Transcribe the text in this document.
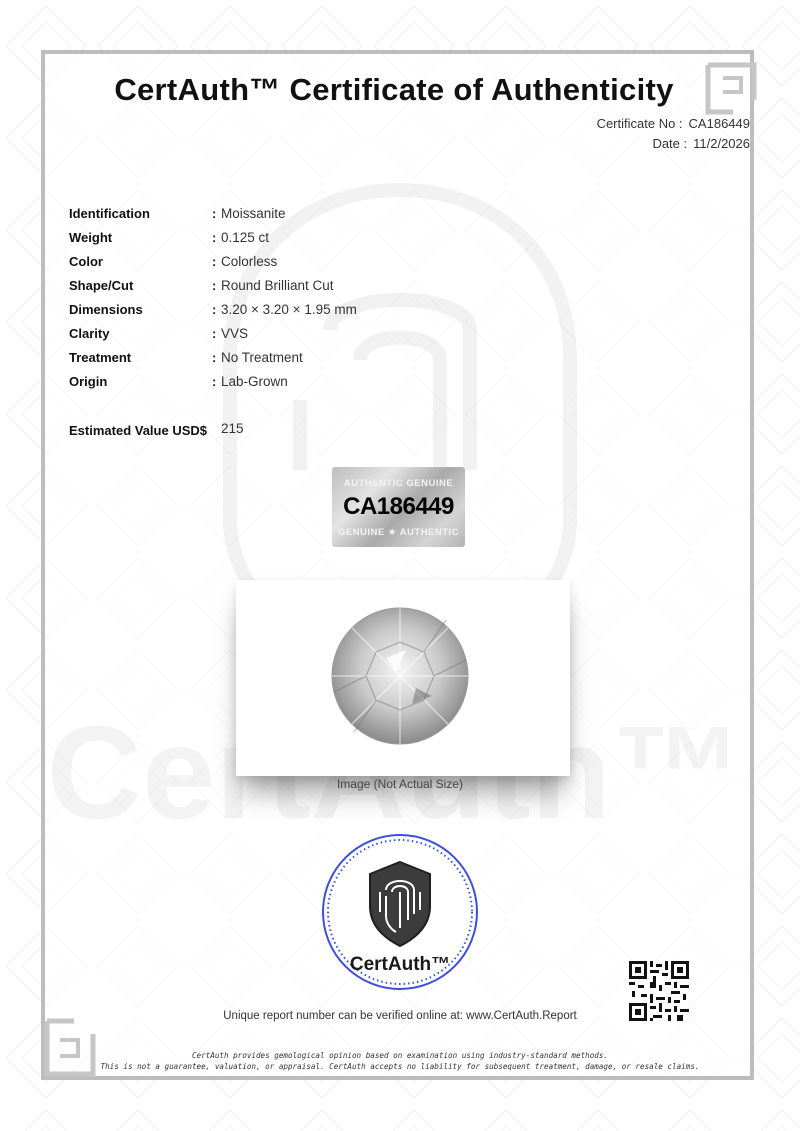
CertAuth™ Certificate of Authenticity
Certificate No : CA186449
Date : 11/2/2026
Identification	: Moissanite
Weight	: 0.125 ct
Color	: Colorless
Shape/Cut	: Round Brilliant Cut
Dimensions	: 3.20 × 3.20 × 1.95 mm
Clarity	: VVS
Treatment	: No Treatment
Origin	: Lab-Grown
Estimated Value USD$ 215
AUTHENTIC GENUINE
CA186449
GENUINE ★ AUTHENTIC
Image (Not Actual Size)
CertAuth™
Unique report number can be verified online at: www.CertAuth.Report
CertAuth provides gemological opinion based on examination using industry-standard methods.
This is not a guarantee, valuation, or appraisal. CertAuth accepts no liability for subsequent treatment, damage, or resale claims.
